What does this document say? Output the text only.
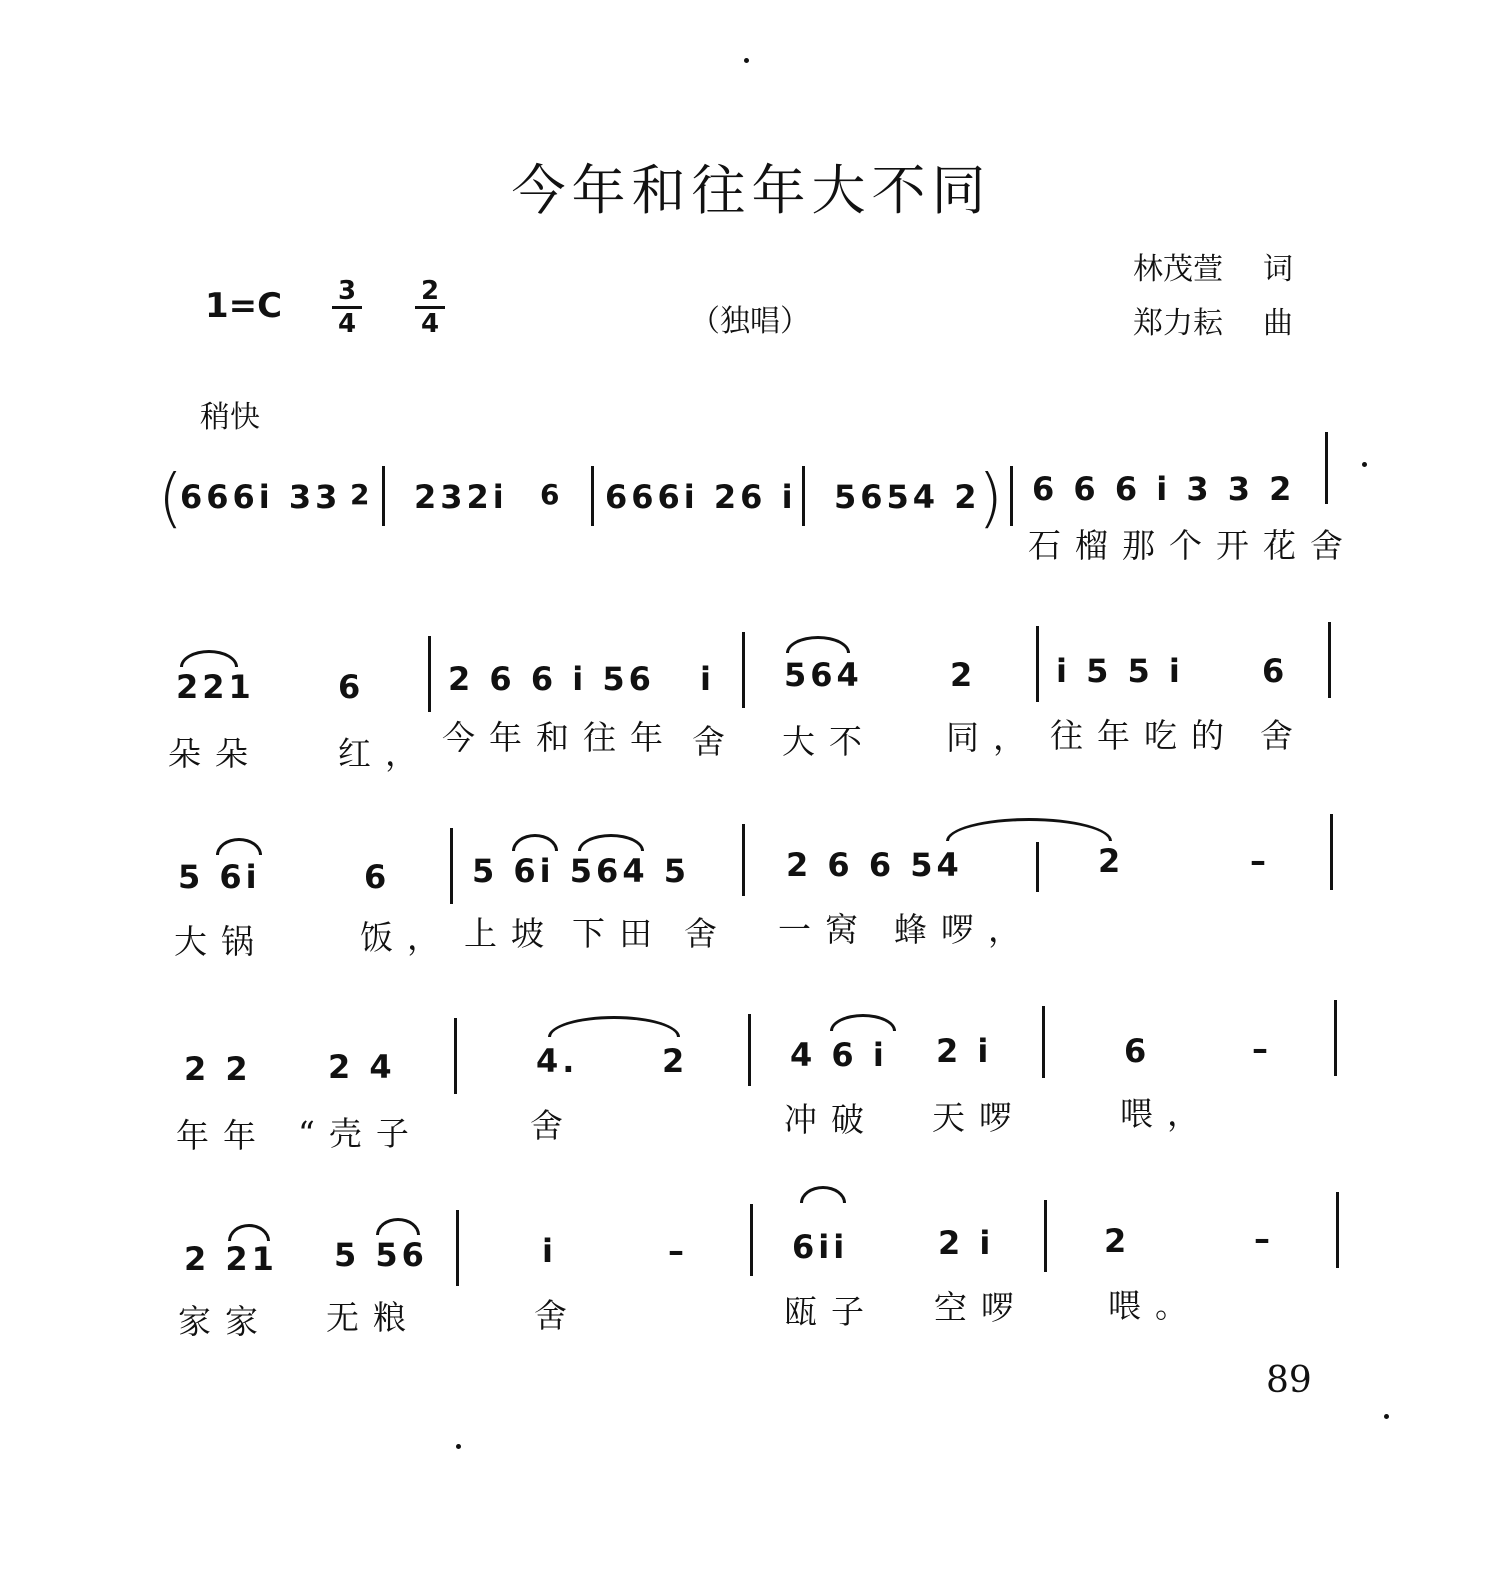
今年和往年大不同
林茂萱 词
郑力耘 曲
1=C 3
4
2
4	（独唱）
稍快
(
666i 33 2 232i 6 666i 26 i 5654 2
) 6 6 6 i 3 3 2
石榴那个开花舍
221	6	2 6 6 i 56 i 564	2 i 5 5 i 6
朵朵 红， 今年和往年 舍 大不 同， 往年吃的 舍
5 6i	6	5 6i 564 5	2 6 6 54	2	–
大锅	饭， 上坡 下田 舍 一窝 蜂啰，
2 2 2 4	4.	2	4 6 i 2 i	6	–
年年 “壳子	舍	冲破 天啰	喂，
2 21 5 56	i	–	6ii	2 i	2	–
家家 无粮	舍	瓯子 空啰 喂。
89
